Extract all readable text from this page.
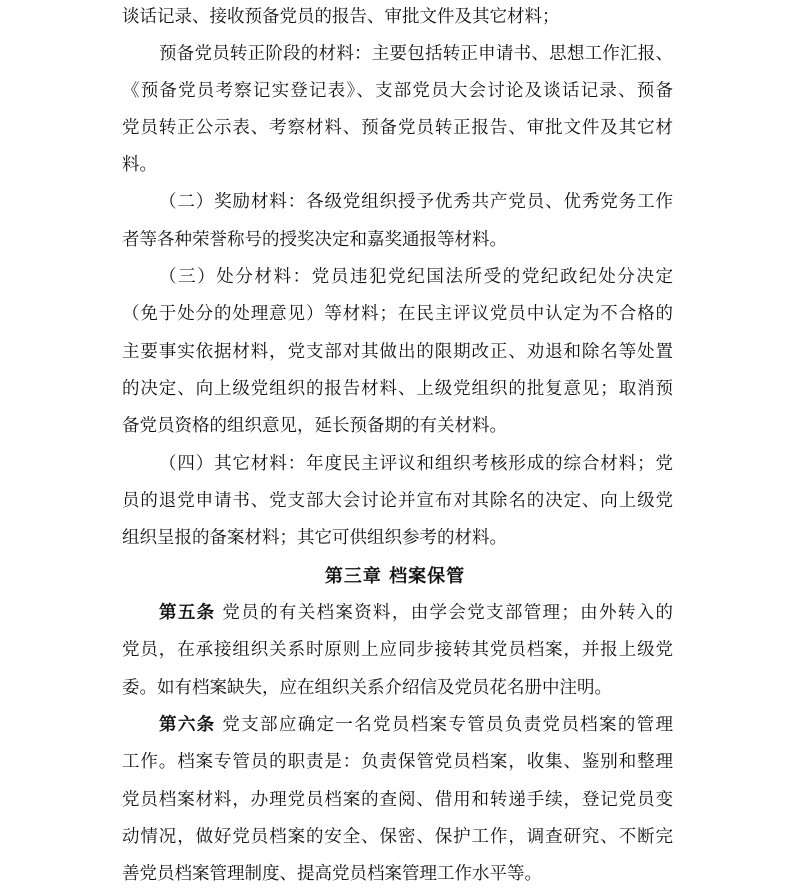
谈话记录、接收预备党员的报告、审批文件及其它材料；
预备党员转正阶段的材料：主要包括转正申请书、思想工作汇报、
《预备党员考察记实登记表》、支部党员大会讨论及谈话记录、预备
党员转正公示表、考察材料、预备党员转正报告、审批文件及其它材
料。
（二）奖励材料：各级党组织授予优秀共产党员、优秀党务工作
者等各种荣誉称号的授奖决定和嘉奖通报等材料。
（三）处分材料：党员违犯党纪国法所受的党纪政纪处分决定
（免于处分的处理意见）等材料；在民主评议党员中认定为不合格的
主要事实依据材料，党支部对其做出的限期改正、劝退和除名等处置
的决定、向上级党组织的报告材料、上级党组织的批复意见；取消预
备党员资格的组织意见，延长预备期的有关材料。
（四）其它材料：年度民主评议和组织考核形成的综合材料；党
员的退党申请书、党支部大会讨论并宣布对其除名的决定、向上级党
组织呈报的备案材料；其它可供组织参考的材料。
第三章 档案保管
第五条 党员的有关档案资料，由学会党支部管理；由外转入的
党员，在承接组织关系时原则上应同步接转其党员档案，并报上级党
委。如有档案缺失，应在组织关系介绍信及党员花名册中注明。
第六条 党支部应确定一名党员档案专管员负责党员档案的管理
工作。档案专管员的职责是：负责保管党员档案，收集、鉴别和整理
党员档案材料，办理党员档案的查阅、借用和转递手续，登记党员变
动情况，做好党员档案的安全、保密、保护工作，调查研究、不断完
善党员档案管理制度、提高党员档案管理工作水平等。
